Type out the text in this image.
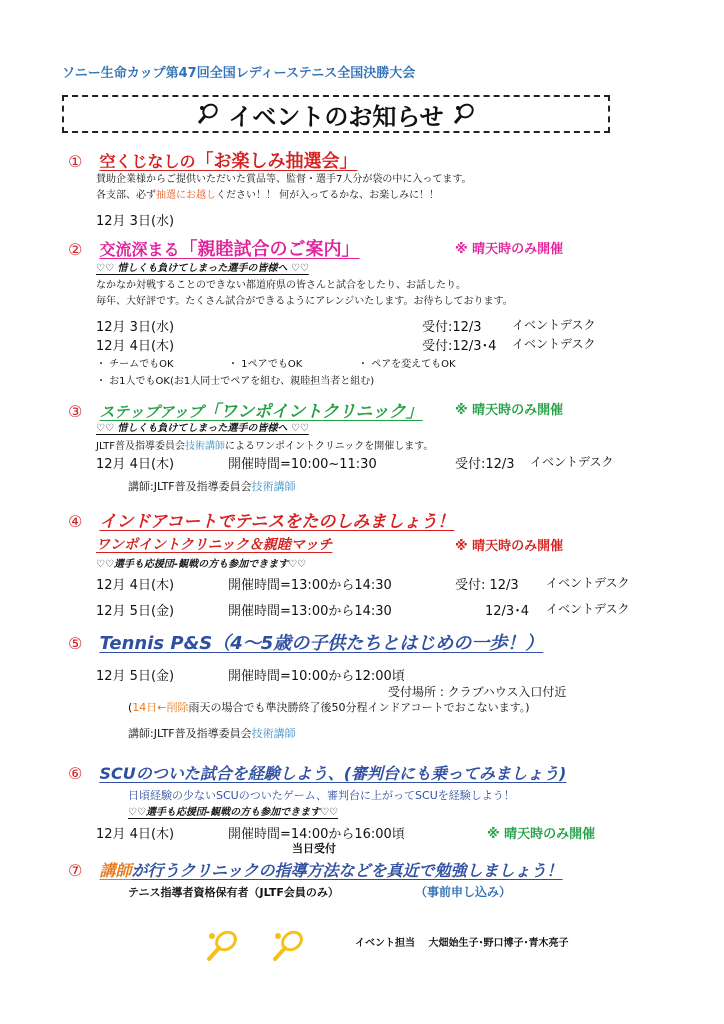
ソニー生命カップ第47回全国レディーステニス全国決勝大会
イベントのお知らせ
① 空くじなしの「お楽しみ抽選会」
賛助企業様からご提供いただいた賞品等、監督・選手7人分が袋の中に入ってます。
各支部、必ず抽選にお越しください！！ 何が入ってるかな、お楽しみに！！
12月 3日(水)
② 交流深まる「親睦試合のご案内」	※ 晴天時のみ開催
♡♡ 惜しくも負けてしまった選手の皆様へ ♡♡
なかなか対戦することのできない都道府県の皆さんと試合をしたり、お話したり。
毎年、大好評です。たくさん試合ができるようにアレンジいたします。お待ちしております。
12月 3日(水)	受付:12/3	イベントデスク
12月 4日(木)	受付:12/3･4 イベントデスク
・ チームでもOK	・ 1ペアでもOK	・ ペアを変えてもOK
・ お1人でもOK(お1人同士でペアを組む、親睦担当者と組む)
③ ステップアップ「ワンポイントクリニック」 ※ 晴天時のみ開催
♡♡ 惜しくも負けてしまった選手の皆様へ ♡♡
JLTF普及指導委員会技術講師によるワンポイントクリニックを開催します。
12月 4日(木)	開催時間=10:00~11:30	受付:12/3 イベントデスク
講師:JLTF普及指導委員会技術講師
④ インドアコートでテニスをたのしみましょう！
ワンポイントクリニック＆親睦マッチ	※ 晴天時のみ開催
♡♡選手も応援団-観戦の方も参加できます♡♡
12月 4日(木)	開催時間=13:00から14:30	受付: 12/3 イベントデスク
12月 5日(金)	開催時間=13:00から14:30	12/3･4 イベントデスク
⑤ Tennis P&S（4～5歳の子供たちとはじめの一歩！）
12月 5日(金)	開催時間=10:00から12:00頃
受付場所 : クラブハウス入口付近
(14日←削除雨天の場合でも準決勝終了後50分程インドアコートでおこないます。)
講師:JLTF普及指導委員会技術講師
⑥ SCUのついた試合を経験しよう、(審判台にも乗ってみましょう)
日頃経験の少ないSCUのついたゲーム、審判台に上がってSCUを経験しよう！
♡♡選手も応援団-観戦の方も参加できます♡♡
12月 4日(木)	開催時間=14:00から16:00頃	※ 晴天時のみ開催
当日受付
⑦ 講師が行うクリニックの指導方法などを真近で勉強しましょう！
テニス指導者資格保有者（JLTF会員のみ）	（事前申し込み）
イベント担当　 大畑始生子･野口博子･青木亮子
